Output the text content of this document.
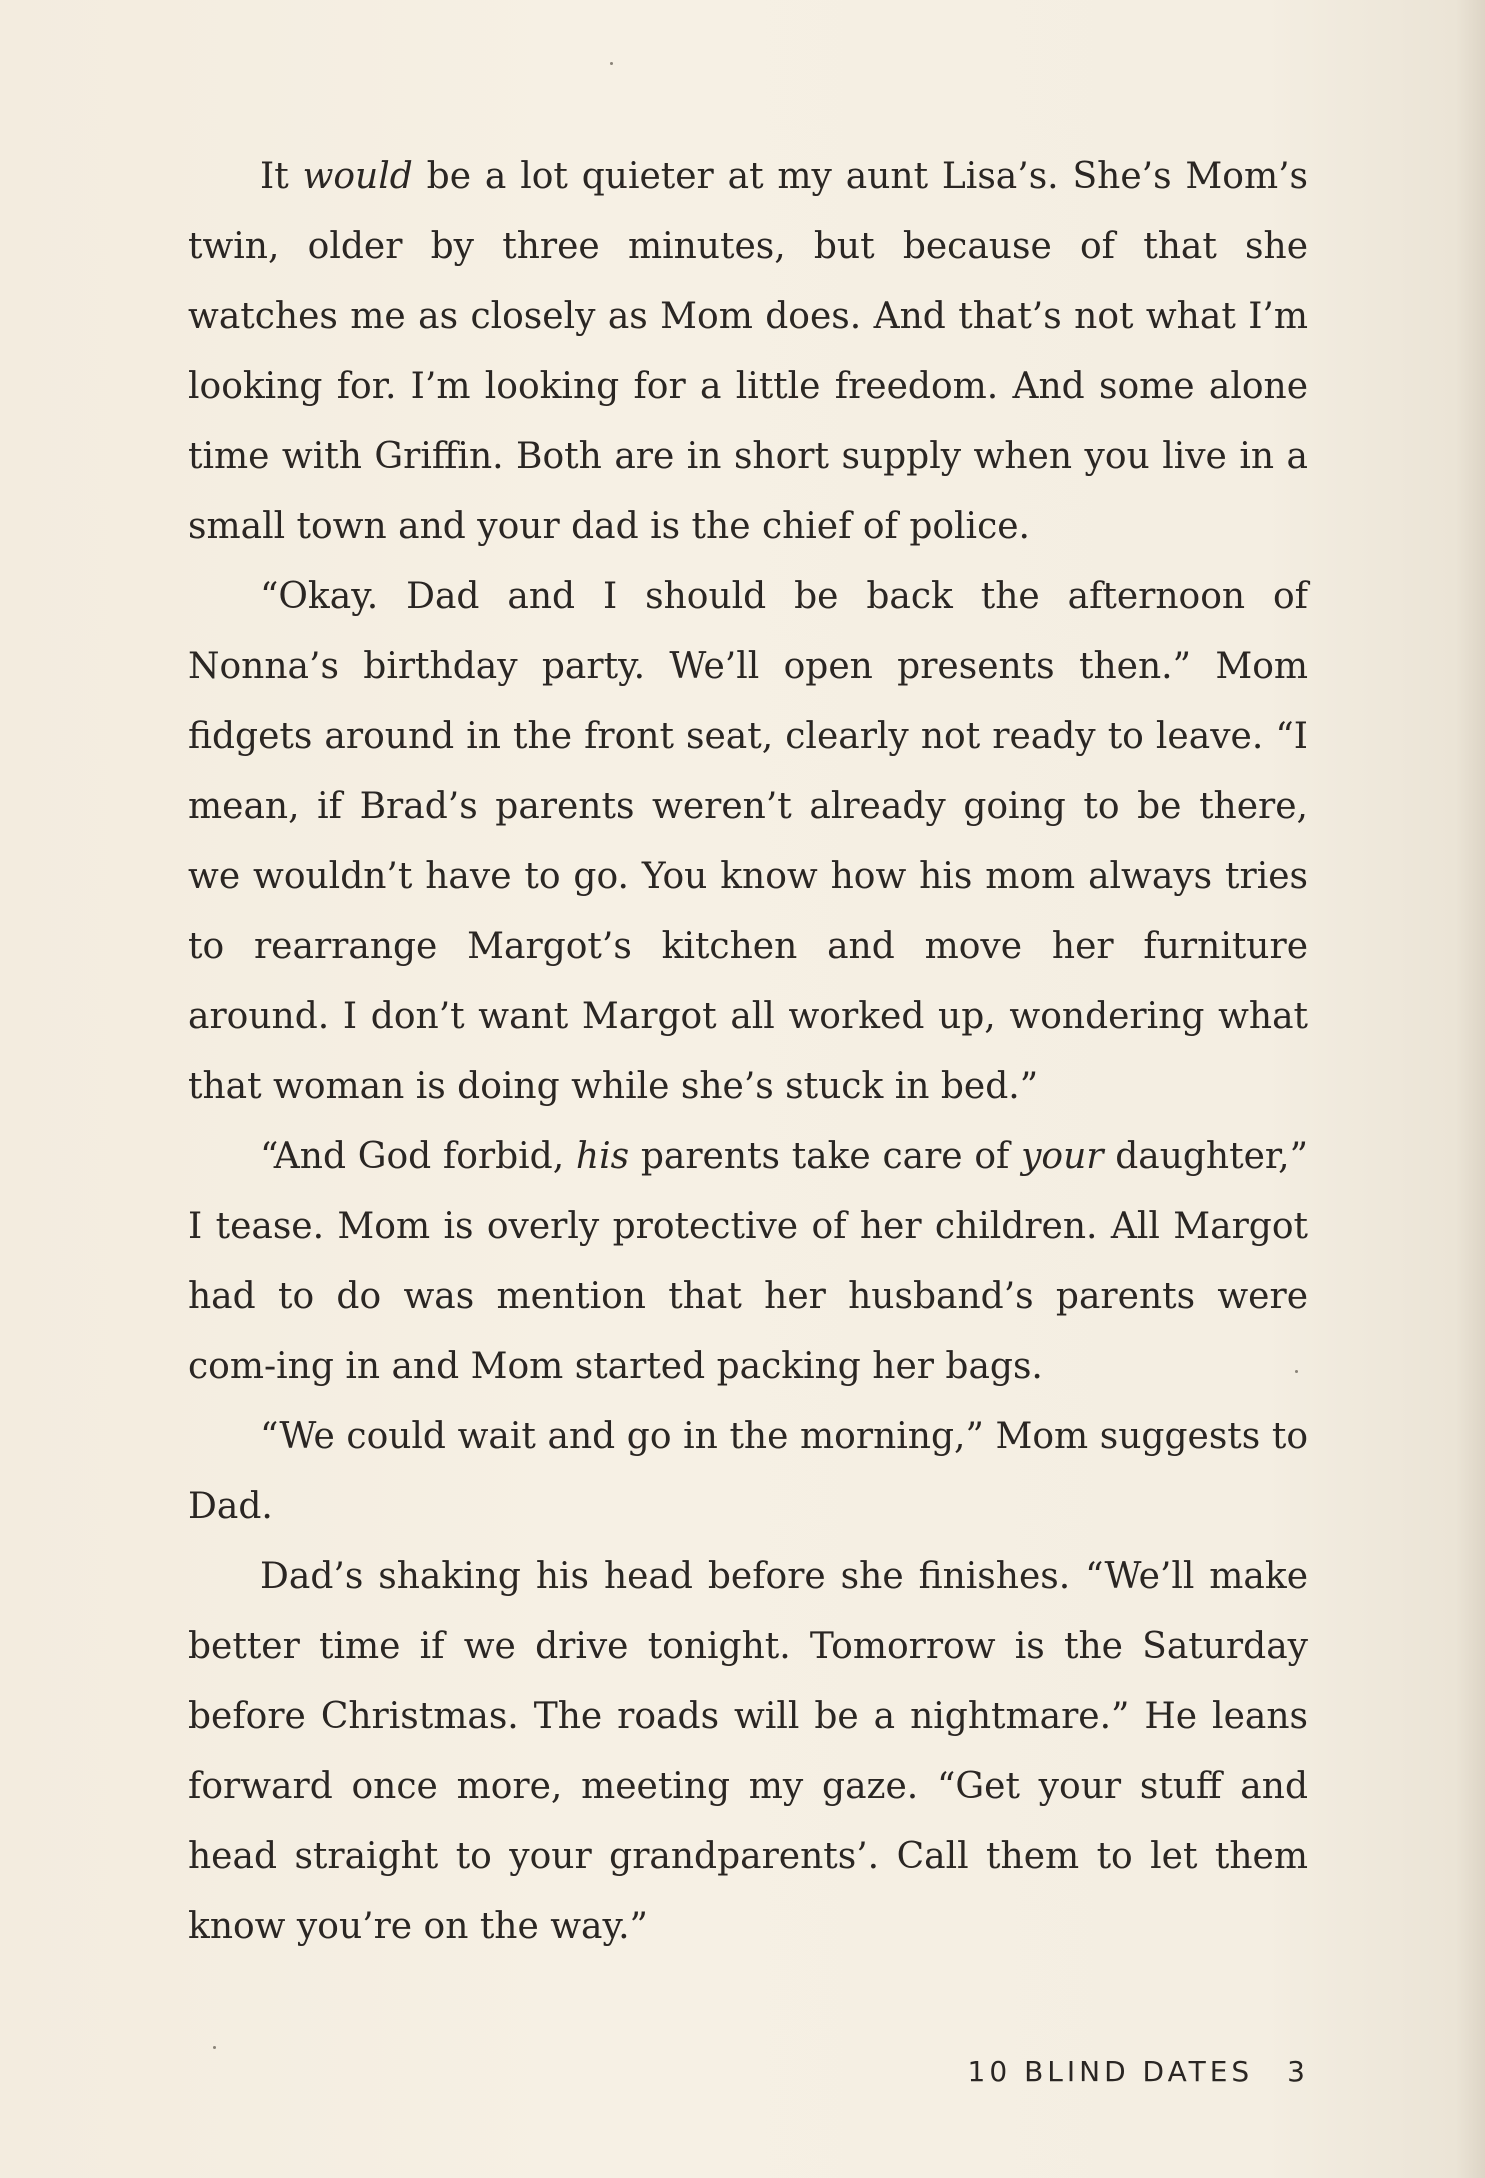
It would be a lot quieter at my aunt Lisa’s. She’s Mom’s twin, older by three minutes, but because of that she watches me as closely as Mom does. And that’s not what I’m looking for. I’m looking for a little freedom. And some alone time with Griffin. Both are in short supply when you live in a small town and your dad is the chief of police.

“Okay. Dad and I should be back the afternoon of Nonna’s birthday party. We’ll open presents then.” Mom fidgets around in the front seat, clearly not ready to leave. “I mean, if Brad’s parents weren’t already going to be there, we wouldn’t have to go. You know how his mom always tries to rearrange Margot’s kitchen and move her furniture around. I don’t want Margot all worked up, wondering what that woman is doing while she’s stuck in bed.”

“And God forbid, his parents take care of your daughter,” I tease. Mom is overly protective of her children. All Margot had to do was mention that her husband’s parents were com-ing in and Mom started packing her bags.

“We could wait and go in the morning,” Mom suggests to Dad.

Dad’s shaking his head before she finishes. “We’ll make better time if we drive tonight. Tomorrow is the Saturday before Christmas. The roads will be a nightmare.” He leans forward once more, meeting my gaze. “Get your stuff and head straight to your grandparents’. Call them to let them know you’re on the way.”

10 BLIND DATES 3
